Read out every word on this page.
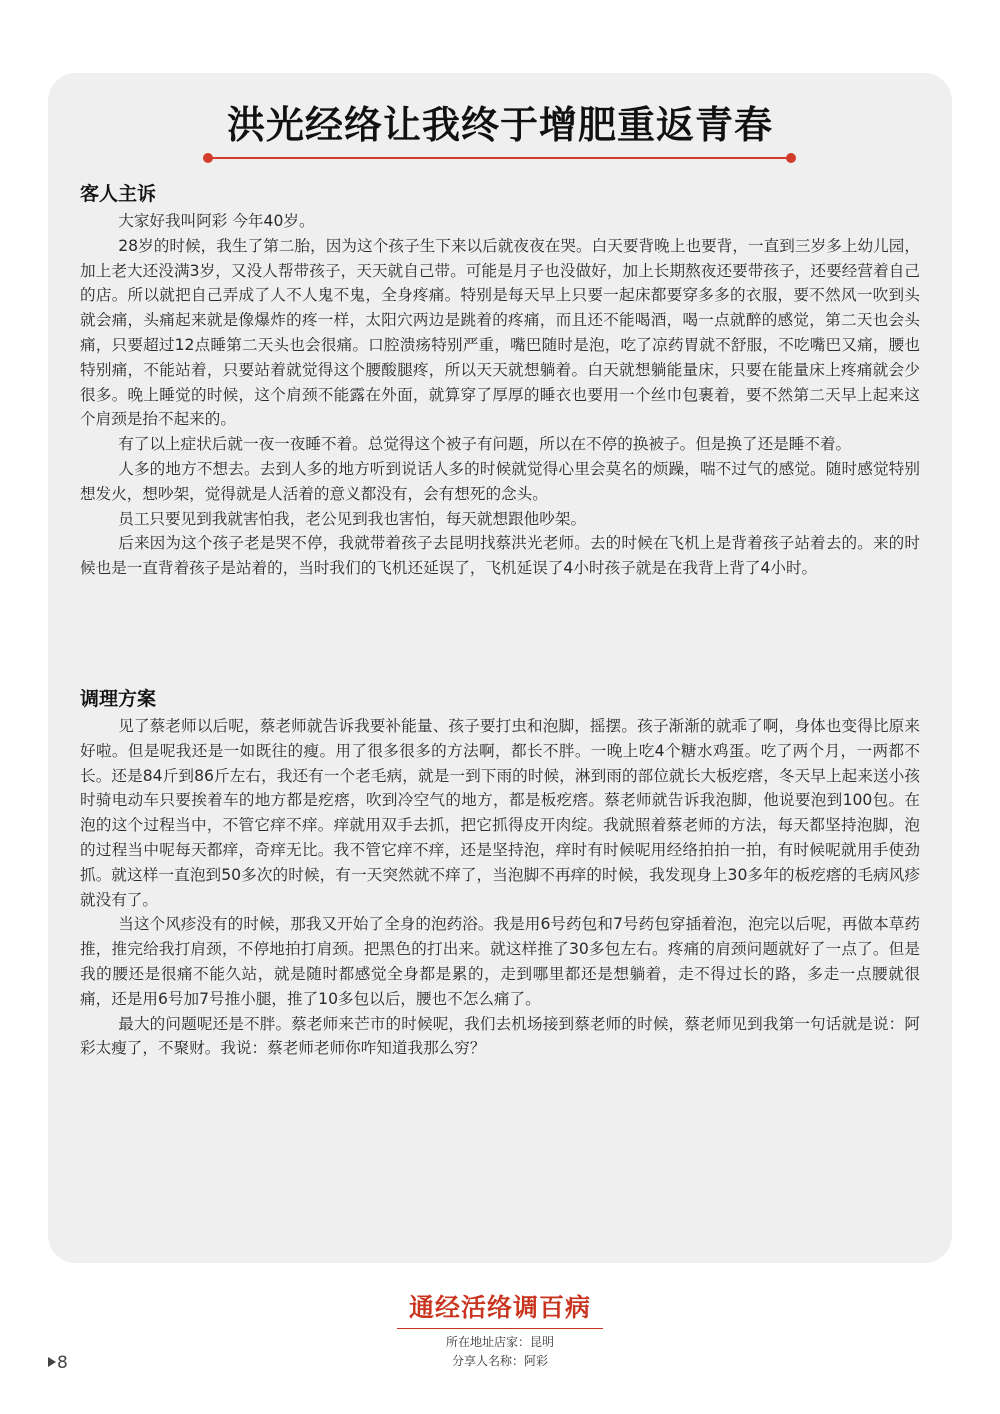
洪光经络让我终于增肥重返青春
客人主诉

大家好我叫阿彩 今年40岁。

28岁的时候，我生了第二胎，因为这个孩子生下来以后就夜夜在哭。白天要背晚上也要背，一直到三岁多上幼儿园，加上老大还没满3岁，又没人帮带孩子，天天就自己带。可能是月子也没做好，加上长期熬夜还要带孩子，还要经营着自己的店。所以就把自己弄成了人不人鬼不鬼，全身疼痛。特别是每天早上只要一起床都要穿多多的衣服，要不然风一吹到头就会痛，头痛起来就是像爆炸的疼一样，太阳穴两边是跳着的疼痛，而且还不能喝酒，喝一点就醉的感觉，第二天也会头痛，只要超过12点睡第二天头也会很痛。口腔溃疡特别严重，嘴巴随时是泡，吃了凉药胃就不舒服，不吃嘴巴又痛，腰也特别痛，不能站着，只要站着就觉得这个腰酸腿疼，所以天天就想躺着。白天就想躺能量床，只要在能量床上疼痛就会少很多。晚上睡觉的时候，这个肩颈不能露在外面，就算穿了厚厚的睡衣也要用一个丝巾包裹着，要不然第二天早上起来这个肩颈是抬不起来的。

有了以上症状后就一夜一夜睡不着。总觉得这个被子有问题，所以在不停的换被子。但是换了还是睡不着。

人多的地方不想去。去到人多的地方听到说话人多的时候就觉得心里会莫名的烦躁，喘不过气的感觉。随时感觉特别想发火，想吵架，觉得就是人活着的意义都没有，会有想死的念头。

员工只要见到我就害怕我，老公见到我也害怕，每天就想跟他吵架。

后来因为这个孩子老是哭不停，我就带着孩子去昆明找蔡洪光老师。去的时候在飞机上是背着孩子站着去的。来的时候也是一直背着孩子是站着的，当时我们的飞机还延误了，飞机延误了4小时孩子就是在我背上背了4小时。

调理方案

见了蔡老师以后呢，蔡老师就告诉我要补能量、孩子要打虫和泡脚，摇摆。孩子渐渐的就乖了啊，身体也变得比原来好啦。但是呢我还是一如既往的瘦。用了很多很多的方法啊，都长不胖。一晚上吃4个糖水鸡蛋。吃了两个月，一两都不长。还是84斤到86斤左右，我还有一个老毛病，就是一到下雨的时候，淋到雨的部位就长大板疙瘩，冬天早上起来送小孩时骑电动车只要挨着车的地方都是疙瘩，吹到冷空气的地方，都是板疙瘩。蔡老师就告诉我泡脚，他说要泡到100包。在泡的这个过程当中，不管它痒不痒。痒就用双手去抓，把它抓得皮开肉绽。我就照着蔡老师的方法，每天都坚持泡脚，泡的过程当中呢每天都痒，奇痒无比。我不管它痒不痒，还是坚持泡，痒时有时候呢用经络拍拍一拍，有时候呢就用手使劲抓。就这样一直泡到50多次的时候，有一天突然就不痒了，当泡脚不再痒的时候，我发现身上30多年的板疙瘩的毛病风疹就没有了。

当这个风疹没有的时候，那我又开始了全身的泡药浴。我是用6号药包和7号药包穿插着泡，泡完以后呢，再做本草药推，推完给我打肩颈，不停地拍打肩颈。把黑色的打出来。就这样推了30多包左右。疼痛的肩颈问题就好了一点了。但是我的腰还是很痛不能久站，就是随时都感觉全身都是累的，走到哪里都还是想躺着，走不得过长的路，多走一点腰就很痛，还是用6号加7号推小腿，推了10多包以后，腰也不怎么痛了。

最大的问题呢还是不胖。蔡老师来芒市的时候呢，我们去机场接到蔡老师的时候，蔡老师见到我第一句话就是说：阿彩太瘦了，不聚财。我说：蔡老师老师你咋知道我那么穷？

通经活络调百病
所在地址店家：昆明
分享人名称：阿彩
8
